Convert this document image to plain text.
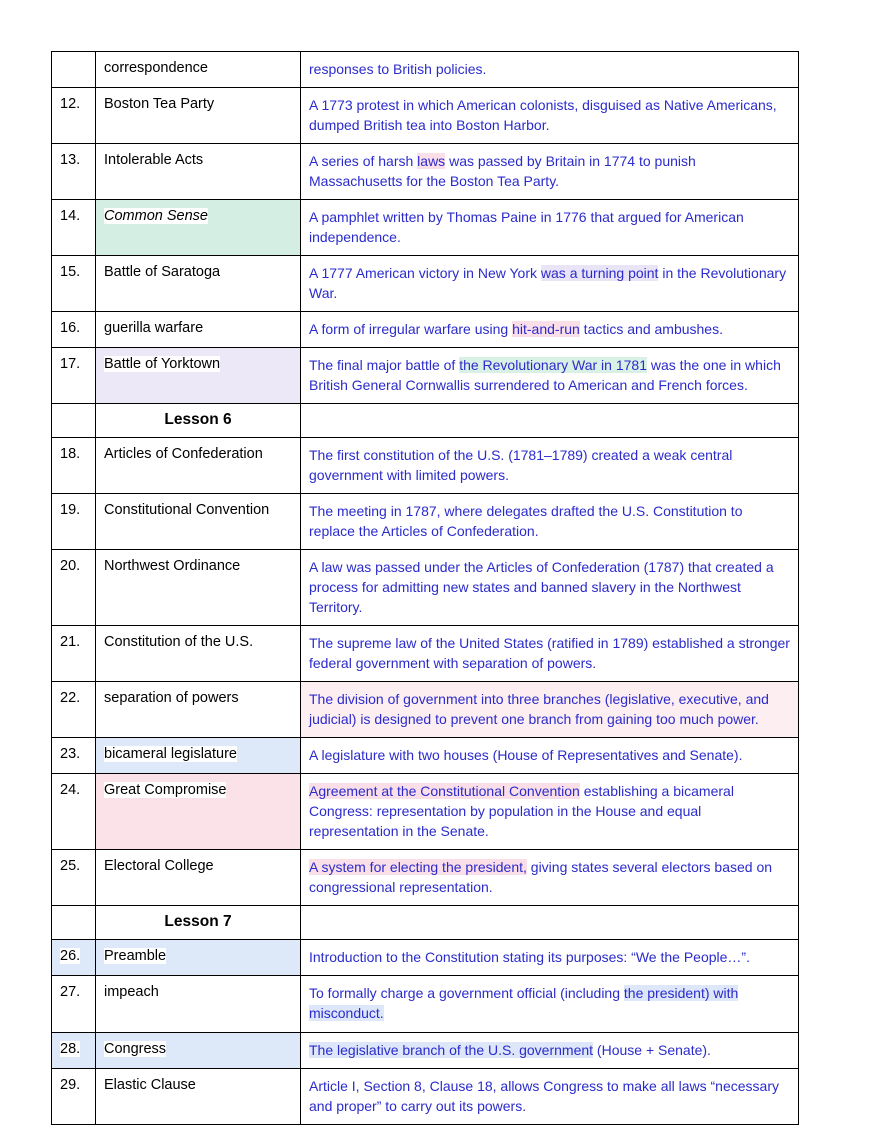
	correspondence	responses to British policies.
12.	Boston Tea Party	A 1773 protest in which American colonists, disguised as Native Americans, dumped British tea into Boston Harbor.
13.	Intolerable Acts	A series of harsh laws was passed by Britain in 1774 to punish Massachusetts for the Boston Tea Party.
14.	Common Sense	A pamphlet written by Thomas Paine in 1776 that argued for American independence.
15.	Battle of Saratoga	A 1777 American victory in New York was a turning point in the Revolutionary War.
16.	guerilla warfare	A form of irregular warfare using hit-and-run tactics and ambushes.
17.	Battle of Yorktown	The final major battle of the Revolutionary War in 1781 was the one in which British General Cornwallis surrendered to American and French forces.
	Lesson 6	
18.	Articles of Confederation	The first constitution of the U.S. (1781–1789) created a weak central government with limited powers.
19.	Constitutional Convention	The meeting in 1787, where delegates drafted the U.S. Constitution to replace the Articles of Confederation.
20.	Northwest Ordinance	A law was passed under the Articles of Confederation (1787) that created a process for admitting new states and banned slavery in the Northwest Territory.
21.	Constitution of the U.S.	The supreme law of the United States (ratified in 1789) established a stronger federal government with separation of powers.
22.	separation of powers	The division of government into three branches (legislative, executive, and judicial) is designed to prevent one branch from gaining too much power.
23.	bicameral legislature	A legislature with two houses (House of Representatives and Senate).
24.	Great Compromise	Agreement at the Constitutional Convention establishing a bicameral Congress: representation by population in the House and equal representation in the Senate.
25.	Electoral College	A system for electing the president, giving states several electors based on congressional representation.
	Lesson 7	
26.	Preamble	Introduction to the Constitution stating its purposes: “We the People…”.
27.	impeach	To formally charge a government official (including the president) with misconduct.
28.	Congress	The legislative branch of the U.S. government (House + Senate).
29.	Elastic Clause	Article I, Section 8, Clause 18, allows Congress to make all laws “necessary and proper” to carry out its powers.
